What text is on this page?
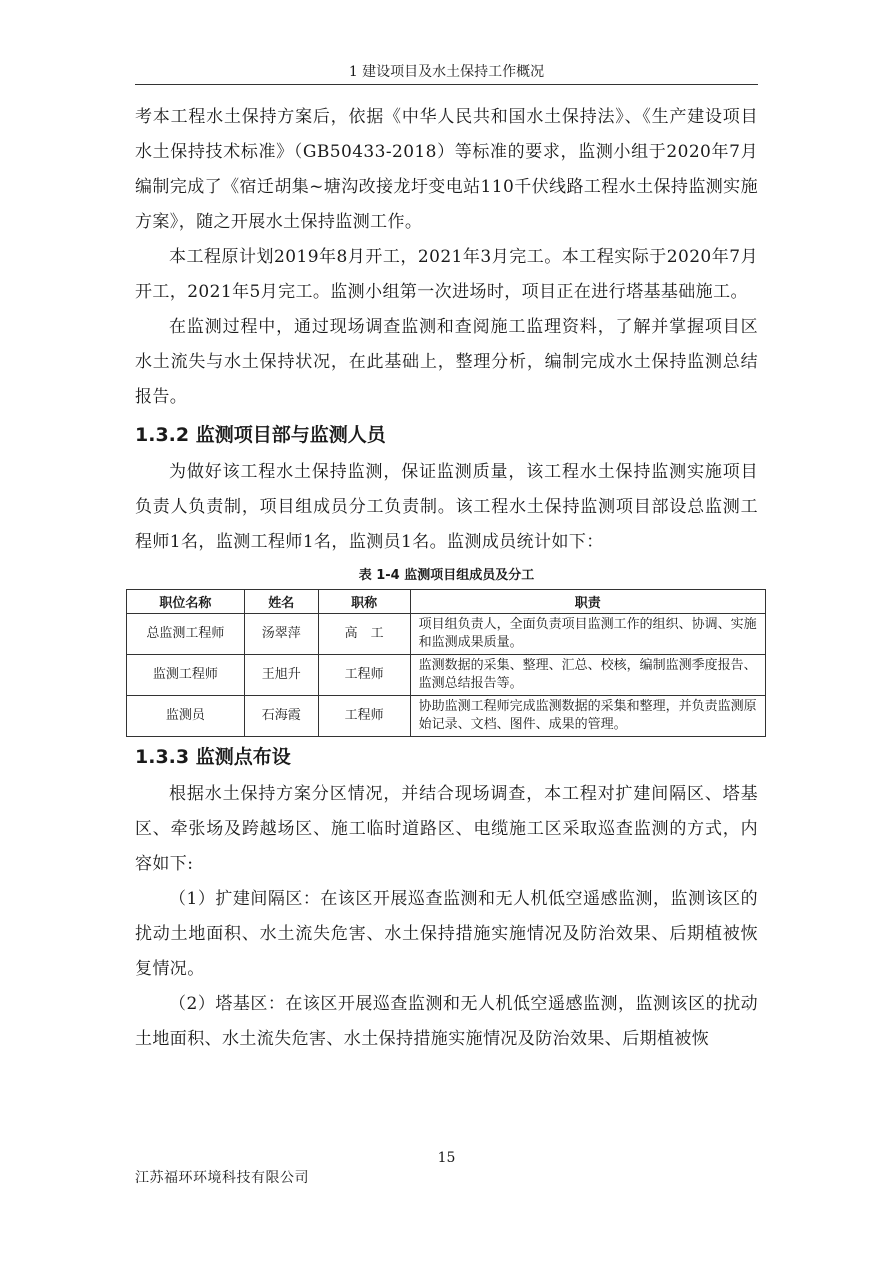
1 建设项目及水土保持工作概况

考本工程水土保持方案后，依据《中华人民共和国水土保持法》、《生产建设项目水土保持技术标准》（GB50433-2018）等标准的要求，监测小组于2020年7月编制完成了《宿迁胡集~塘沟改接龙圩变电站110千伏线路工程水土保持监测实施方案》，随之开展水土保持监测工作。

本工程原计划2019年8月开工，2021年3月完工。本工程实际于2020年7月开工，2021年5月完工。监测小组第一次进场时，项目正在进行塔基基础施工。

在监测过程中，通过现场调查监测和查阅施工监理资料，了解并掌握项目区水土流失与水土保持状况，在此基础上，整理分析，编制完成水土保持监测总结报告。

1.3.2 监测项目部与监测人员

为做好该工程水土保持监测，保证监测质量，该工程水土保持监测实施项目负责人负责制，项目组成员分工负责制。该工程水土保持监测项目部设总监测工程师1名，监测工程师1名，监测员1名。监测成员统计如下：

表 1-4 监测项目组成员及分工
职位名称	姓名	职称	职责
总监测工程师	汤翠萍	高　工	项目组负责人，全面负责项目监测工作的组织、协调、实施和监测成果质量。
监测工程师	王旭升	工程师	监测数据的采集、整理、汇总、校核，编制监测季度报告、监测总结报告等。
监测员	石海霞	工程师	协助监测工程师完成监测数据的采集和整理，并负责监测原始记录、文档、图件、成果的管理。
1.3.3 监测点布设

根据水土保持方案分区情况，并结合现场调查，本工程对扩建间隔区、塔基区、牵张场及跨越场区、施工临时道路区、电缆施工区采取巡查监测的方式，内容如下:

（1）扩建间隔区：在该区开展巡查监测和无人机低空遥感监测，监测该区的扰动土地面积、水土流失危害、水土保持措施实施情况及防治效果、后期植被恢复情况。

（2）塔基区：在该区开展巡查监测和无人机低空遥感监测，监测该区的扰动土地面积、水土流失危害、水土保持措施实施情况及防治效果、后期植被恢

15
江苏福环环境科技有限公司
